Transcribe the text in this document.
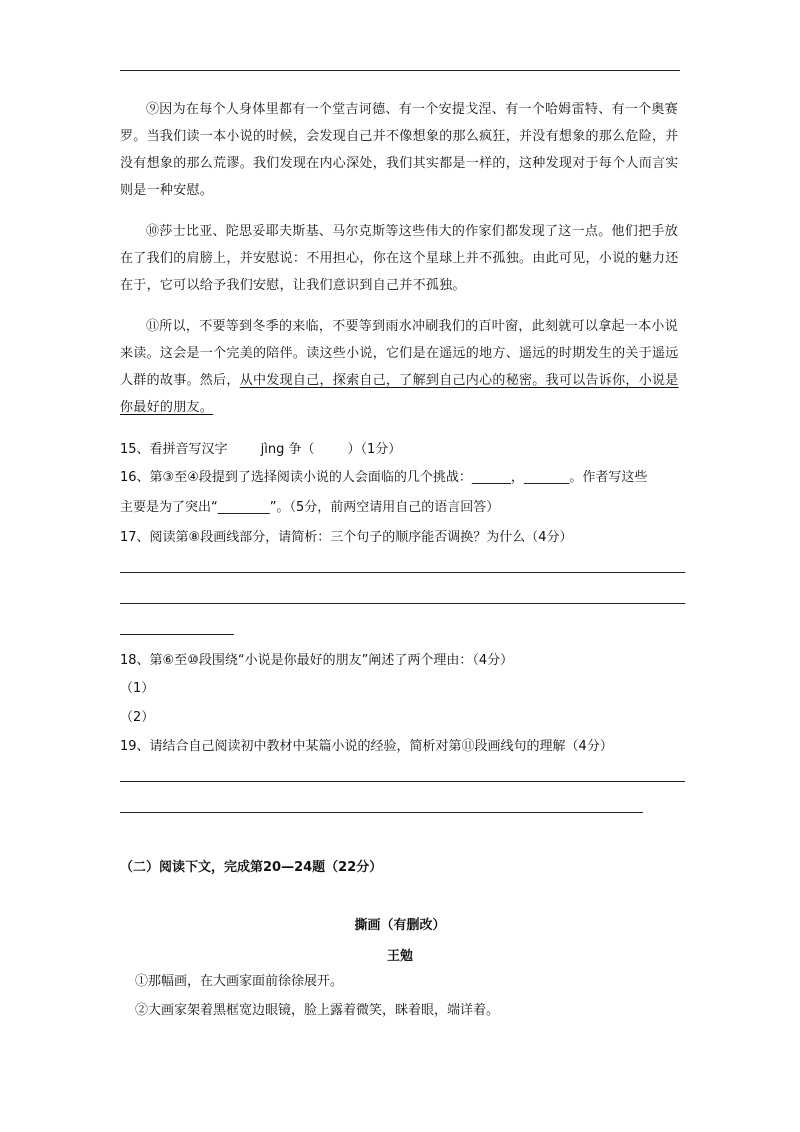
⑨因为在每个人身体里都有一个堂吉诃德、有一个安提戈涅、有一个哈姆雷特、有一个奥赛罗。当我们读一本小说的时候，会发现自己并不像想象的那么疯狂，并没有想象的那么危险，并没有想象的那么荒谬。我们发现在内心深处，我们其实都是一样的，这种发现对于每个人而言实则是一种安慰。
⑩莎士比亚、陀思妥耶夫斯基、马尔克斯等这些伟大的作家们都发现了这一点。他们把手放在了我们的肩膀上，并安慰说：不用担心，你在这个星球上并不孤独。由此可见，小说的魅力还在于，它可以给予我们安慰，让我们意识到自己并不孤独。
⑪所以，不要等到冬季的来临，不要等到雨水冲刷我们的百叶窗，此刻就可以拿起一本小说来读。这会是一个完美的陪伴。读这些小说，它们是在遥远的地方、遥远的时期发生的关于遥远人群的故事。然后，从中发现自己，探索自己，了解到自己内心的秘密。我可以告诉你，小说是你最好的朋友。
15、看拼音写汉字        jìng 争（        ）（1分）
16、第③至④段提到了选择阅读小说的人会面临的几个挑战：______，_______。作者写这些
主要是为了突出“________”。（5分，前两空请用自己的语言回答）
17、阅读第⑧段画线部分，请简析：三个句子的顺序能否调换？为什么（4分）
18、第⑥至⑩段围绕“小说是你最好的朋友”阐述了两个理由：（4分）
（1）
（2）
19、请结合自己阅读初中教材中某篇小说的经验，简析对第⑪段画线句的理解（4分）
（二）阅读下文，完成第20—24题（22分）
撕画（有删改）
王勉
①那幅画，在大画家面前徐徐展开。
②大画家架着黑框宽边眼镜，脸上露着微笑，眯着眼，端详着。
